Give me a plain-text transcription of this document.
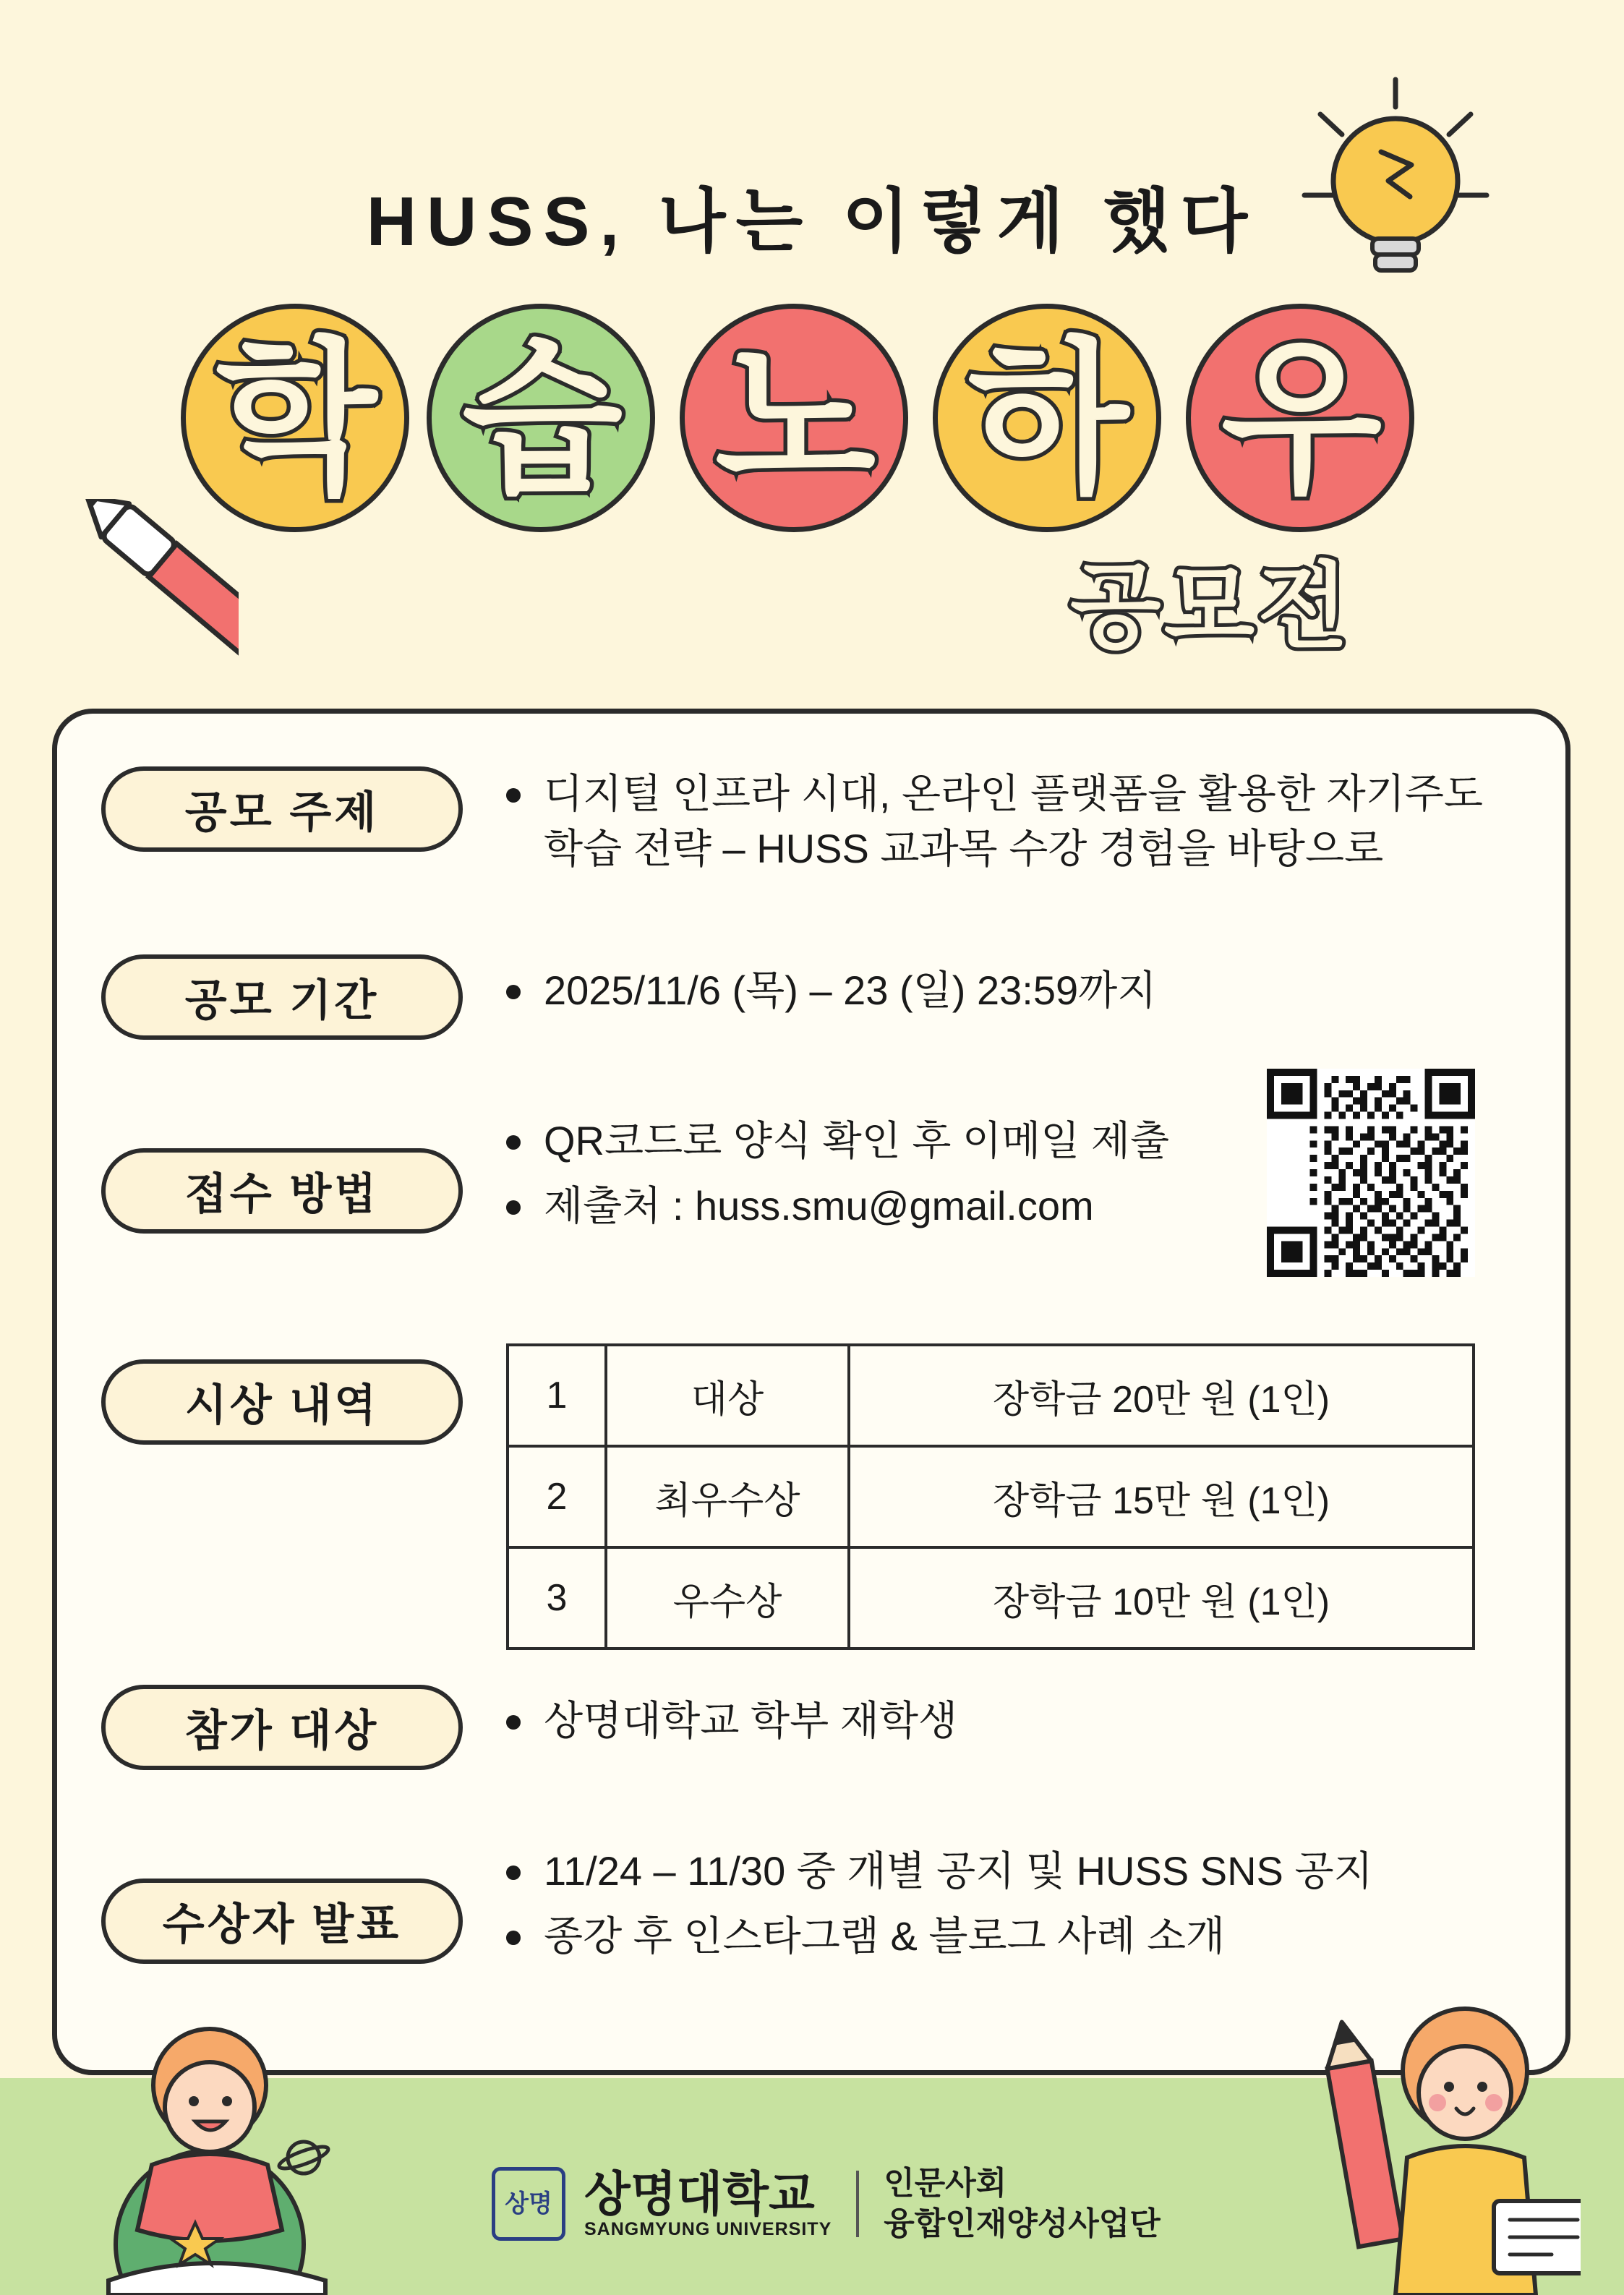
HUSS, 나는 이렇게 했다
학 습 노 하 우
공모전
공모 주제	디지털 인프라 시대, 온라인 플랫폼을 활용한 자기주도 학습 전략 – HUSS 교과목 수강 경험을 바탕으로
공모 기간	2025/11/6 (목) – 23 (일) 23:59까지
접수 방법
QR코드로 양식 확인 후 이메일 제출
제출처 : huss.smu@gmail.com
시상 내역	1	대상	장학금 20만 원 (1인)
2	최우수상	장학금 15만 원 (1인)
3	우수상	장학금 10만 원 (1인)
참가 대상	상명대학교 학부 재학생
수상자 발표
11/24 – 11/30 중 개별 공지 및 HUSS SNS 공지
종강 후 인스타그램 & 블로그 사례 소개
상명 상명대학교
SANGMYUNG UNIVERSITY
인문사회
융합인재양성사업단
